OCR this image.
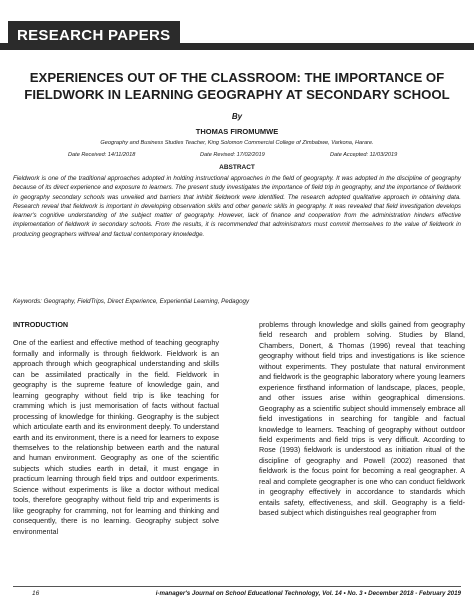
RESEARCH PAPERS
EXPERIENCES OUT OF THE CLASSROOM: THE IMPORTANCE OF
FIELDWORK IN LEARNING GEOGRAPHY AT SECONDARY SCHOOL
By
THOMAS FIROMUMWE
Geography and Business Studies Teacher, King Solomon Commercial College of Zimbabwe, Varkona, Harare.
Date Received: 14/11/2018	Date Revised: 17/02/2019	Date Accepted: 11/03/2019
ABSTRACT

Fieldwork is one of the traditional approaches adopted in holding instructional approaches in the field of geography. It was adopted in the discipline of geography because of its direct experience and exposure to learners. The present study investigates the importance of field trip in geography, and the importance of fieldwork in geography secondary schools was unveiled and barriers that inhibit fieldwork were identified. The research adopted qualitative approach in obtaining data. Research reveal that fieldwork is important in developing observation skills and other generic skills in geography. It was revealed that field investigation develops learner's cognitive understanding of the subject matter of geography. However, lack of finance and cooperation from the administration hinders effective implementation of fieldwork in secondary schools. From the results, it is recommended that administrators must commit themselves to the value of fieldwork in producing geographers withreal and factual contemporary knowledge.

Keywords: Geography, FieldTrips, Direct Experience, Experiential Learning, Pedagogy

INTRODUCTION

One of the earliest and effective method of teaching geography formally and informally is through fieldwork. Fieldwork is an approach through which geographical understanding and skills can be assimilated practically in the field. Fieldwork in geography is the supreme feature of knowledge gain, and learning geography without field trip is like teaching for cramming which is just memorisation of facts without factual processing of knowledge for thinking. Geography is the subject which articulate earth and its environment deeply. To understand earth and its environment, there is a need for learners to expose themselves to the relationship between earth and the natural and human environment. Geography as one of the scientific subjects which studies earth in detail, it must engage in practicum learning through field trips and outdoor experiments. Science without experiments is like a doctor without medical tools, therefore geography without field trip and experiments is like geography for cramming, not for learning and thinking and consequently, there is no learning. Geography subject solve environmental

problems through knowledge and skills gained from geography field research and problem solving. Studies by Bland, Chambers, Donert, & Thomas (1996) reveal that teaching geography without field trips and investigations is like science without experiments. They postulate that natural environment and fieldwork is the geographic laboratory where young learners experience firsthand information of landscape, places, people, and other issues arise within geographical dimensions. Geography as a scientific subject should immensely embrace all field investigations in searching for tangible and factual knowledge to learners. Teaching of geography without outdoor field experiments and field trips is very difficult. According to Rose (1993) fieldwork is understood as initiation ritual of the discipline of geography and Powell (2002) reasoned that fieldwork is the focus point for becoming a real geographer. A real and complete geographer is one who can conduct fieldwork in geography effectively in accordance to standards which entails safety, effectiveness, and skill. Geography is a field-based subject which distinguishes real geographer from

16	i-manager's Journal on School Educational Technology, Vol. 14 • No. 3 • December 2018 - February 2019
